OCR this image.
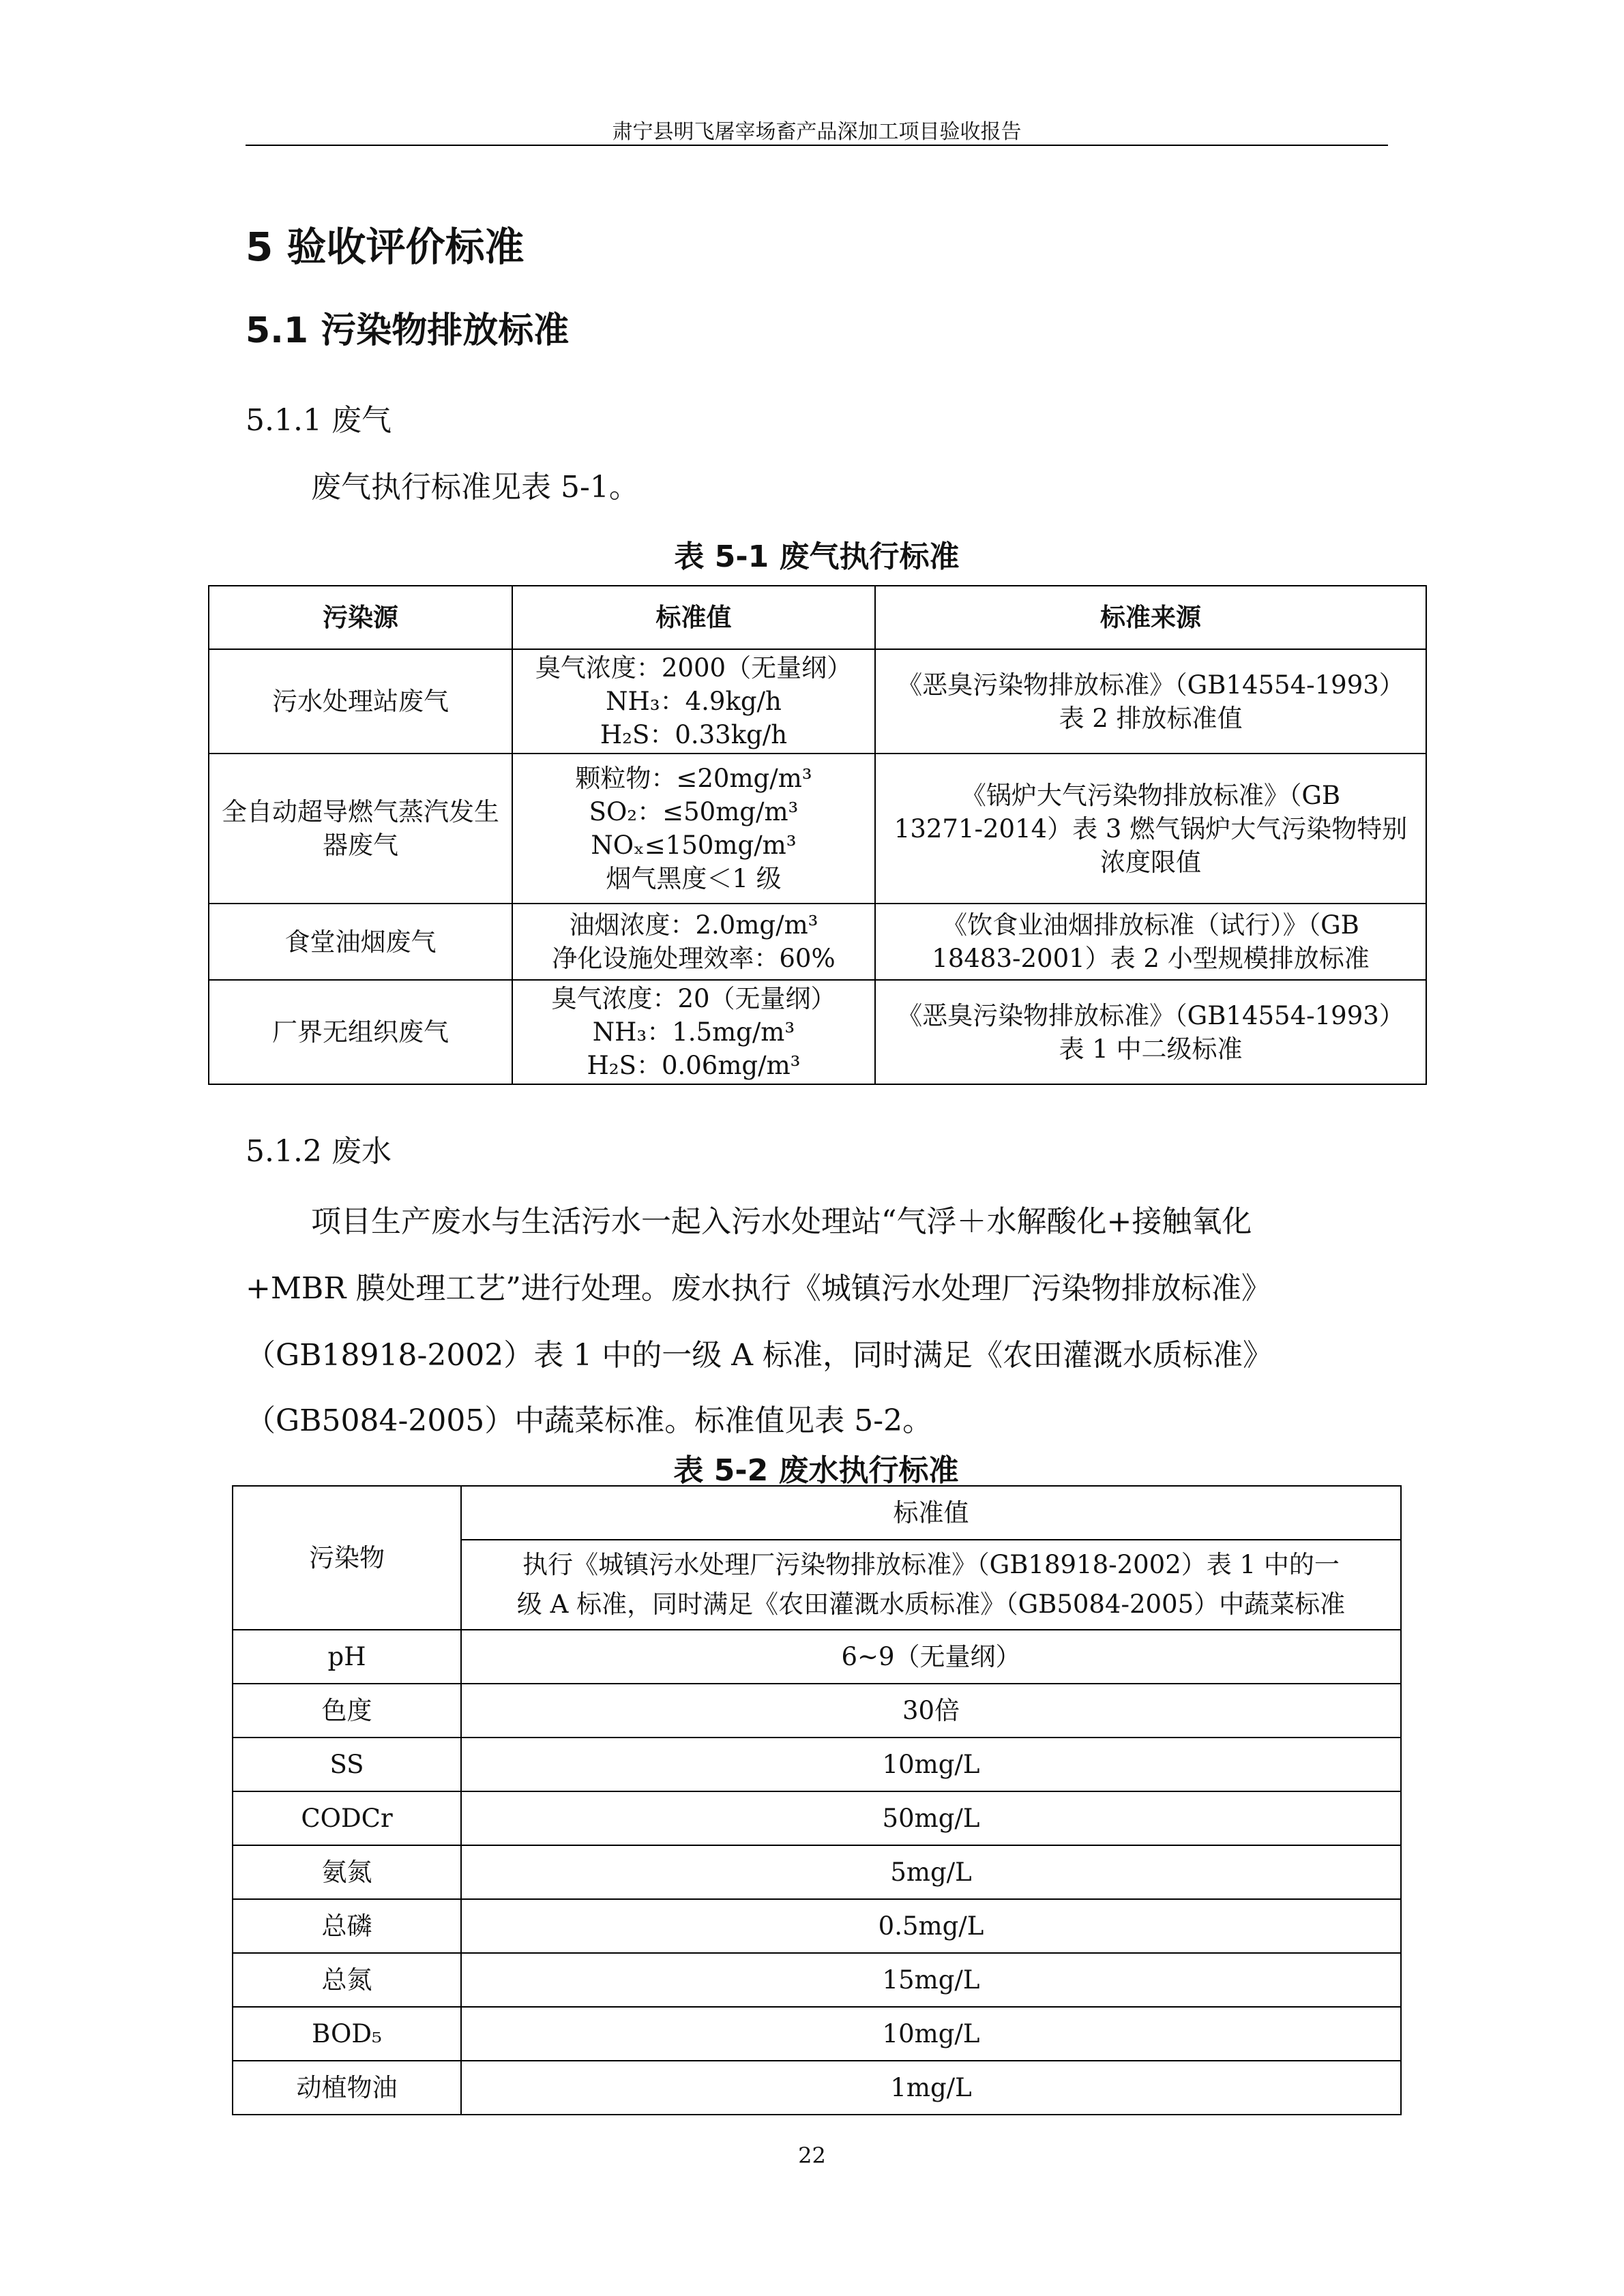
肃宁县明飞屠宰场畜产品深加工项目验收报告
5 验收评价标准
5.1 污染物排放标准
5.1.1 废气
废气执行标准见表 5-1。
表 5-1 废气执行标准
污染源	标准值	标准来源
污水处理站废气	臭气浓度：2000（无量纲）
NH₃：4.9kg/h
H₂S：0.33kg/h	《恶臭污染物排放标准》（GB14554-1993）
表 2 排放标准值

全自动超导燃气蒸汽发生器废气	颗粒物：≤20mg/m³
SO₂：≤50mg/m³
NOₓ≤150mg/m³
烟气黑度＜1 级	《锅炉大气污染物排放标准》（GB
13271-2014）表 3 燃气锅炉大气污染物特别
浓度限值

食堂油烟废气	油烟浓度：2.0mg/m³
净化设施处理效率：60%	《饮食业油烟排放标准（试行）》（GB
18483-2001）表 2 小型规模排放标准

厂界无组织废气	臭气浓度：20（无量纲）
NH₃：1.5mg/m³
H₂S：0.06mg/m³	《恶臭污染物排放标准》（GB14554-1993）
表 1 中二级标准
5.1.2 废水
项目生产废水与生活污水一起入污水处理站“气浮＋水解酸化+接触氧化
+MBR 膜处理工艺”进行处理。废水执行《城镇污水处理厂污染物排放标准》
（GB18918-2002）表 1 中的一级 A 标准，同时满足《农田灌溉水质标准》
（GB5084-2005）中蔬菜标准。标准值见表 5-2。
表 5-2 废水执行标准
污染物	标准值

	执行《城镇污水处理厂污染物排放标准》（GB18918-2002）表 1 中的一
级 A 标准，同时满足《农田灌溉水质标准》（GB5084-2005）中蔬菜标准

pH	6~9（无量纲）
色度	30倍
SS	10mg/L
CODCr	50mg/L
氨氮	5mg/L
总磷	0.5mg/L
总氮	15mg/L
BOD₅	10mg/L
动植物油	1mg/L
22
